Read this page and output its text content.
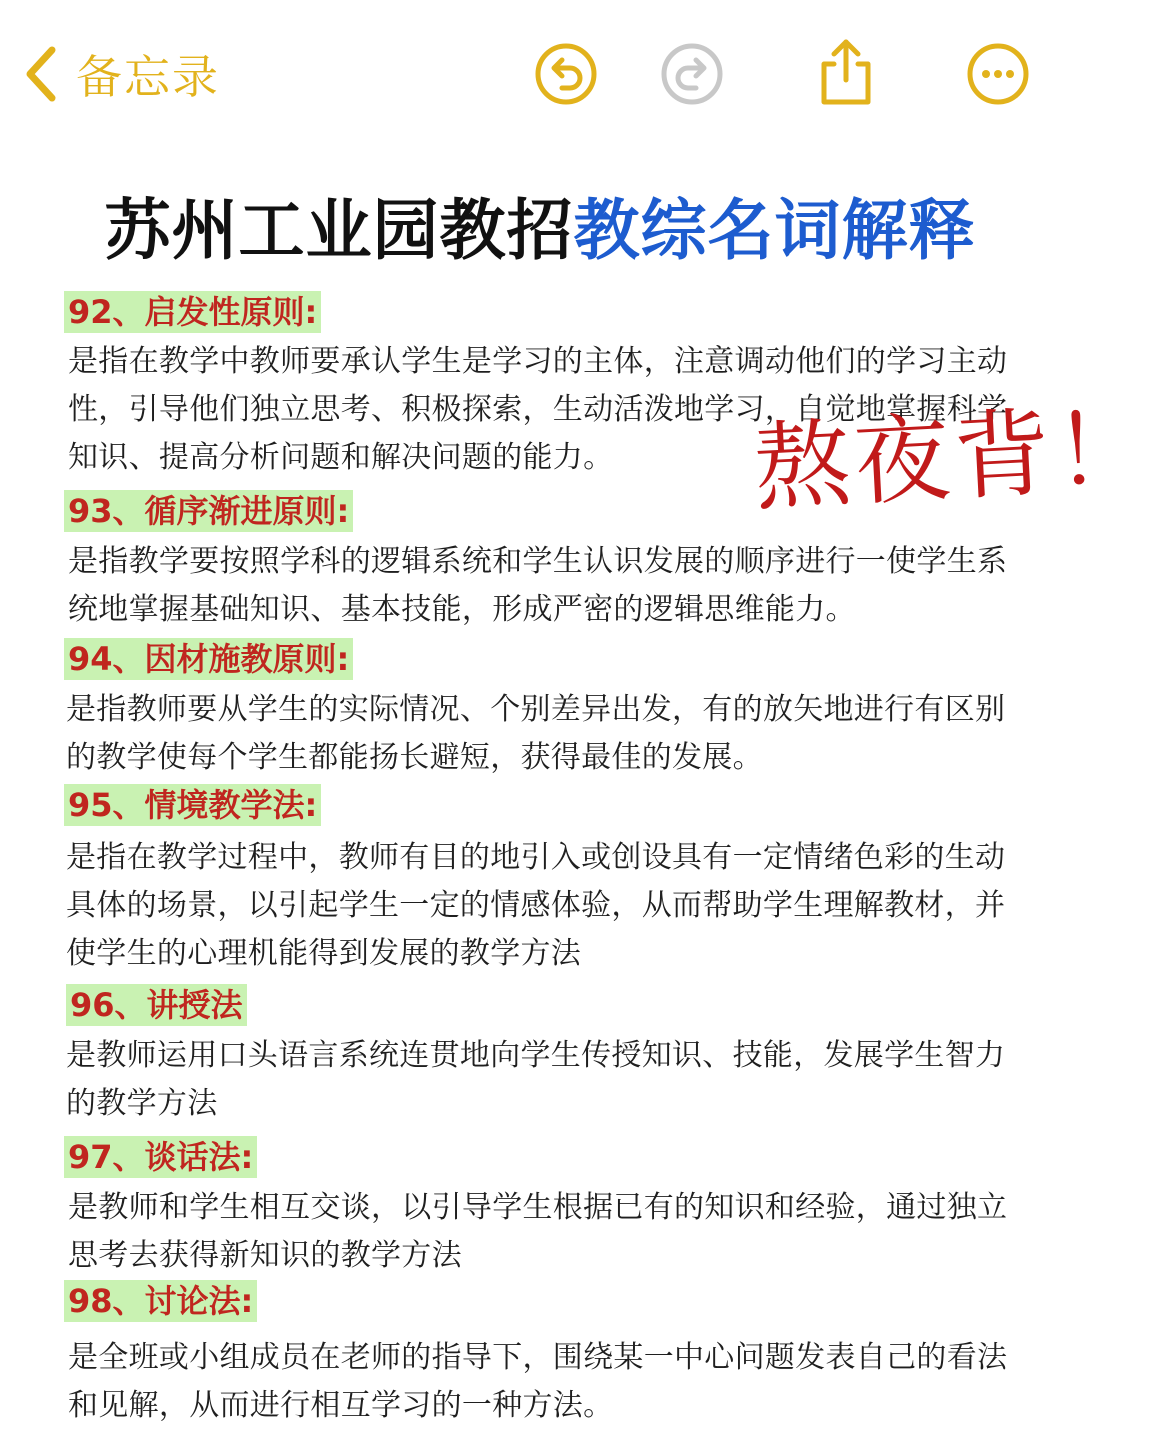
备忘录
苏州工业园教招教综名词解释
92、启发性原则:
是指在教学中教师要承认学生是学习的主体，注意调动他们的学习主动性，引导他们独立思考、积极探索，生动活泼地学习，自觉地掌握科学知识、提高分析问题和解决问题的能力。
93、循序渐进原则:
是指教学要按照学科的逻辑系统和学生认识发展的顺序进行一使学生系统地掌握基础知识、基本技能，形成严密的逻辑思维能力。
94、因材施教原则:
是指教师要从学生的实际情况、个别差异出发，有的放矢地进行有区别的教学使每个学生都能扬长避短，获得最佳的发展。
95、情境教学法:
是指在教学过程中，教师有目的地引入或创设具有一定情绪色彩的生动具体的场景，以引起学生一定的情感体验，从而帮助学生理解教材，并使学生的心理机能得到发展的教学方法
96、讲授法
是教师运用口头语言系统连贯地向学生传授知识、技能，发展学生智力的教学方法
97、谈话法:
是教师和学生相互交谈，以引导学生根据已有的知识和经验，通过独立思考去获得新知识的教学方法
98、讨论法:
是全班或小组成员在老师的指导下，围绕某一中心问题发表自己的看法和见解，从而进行相互学习的一种方法。
熬夜背！
